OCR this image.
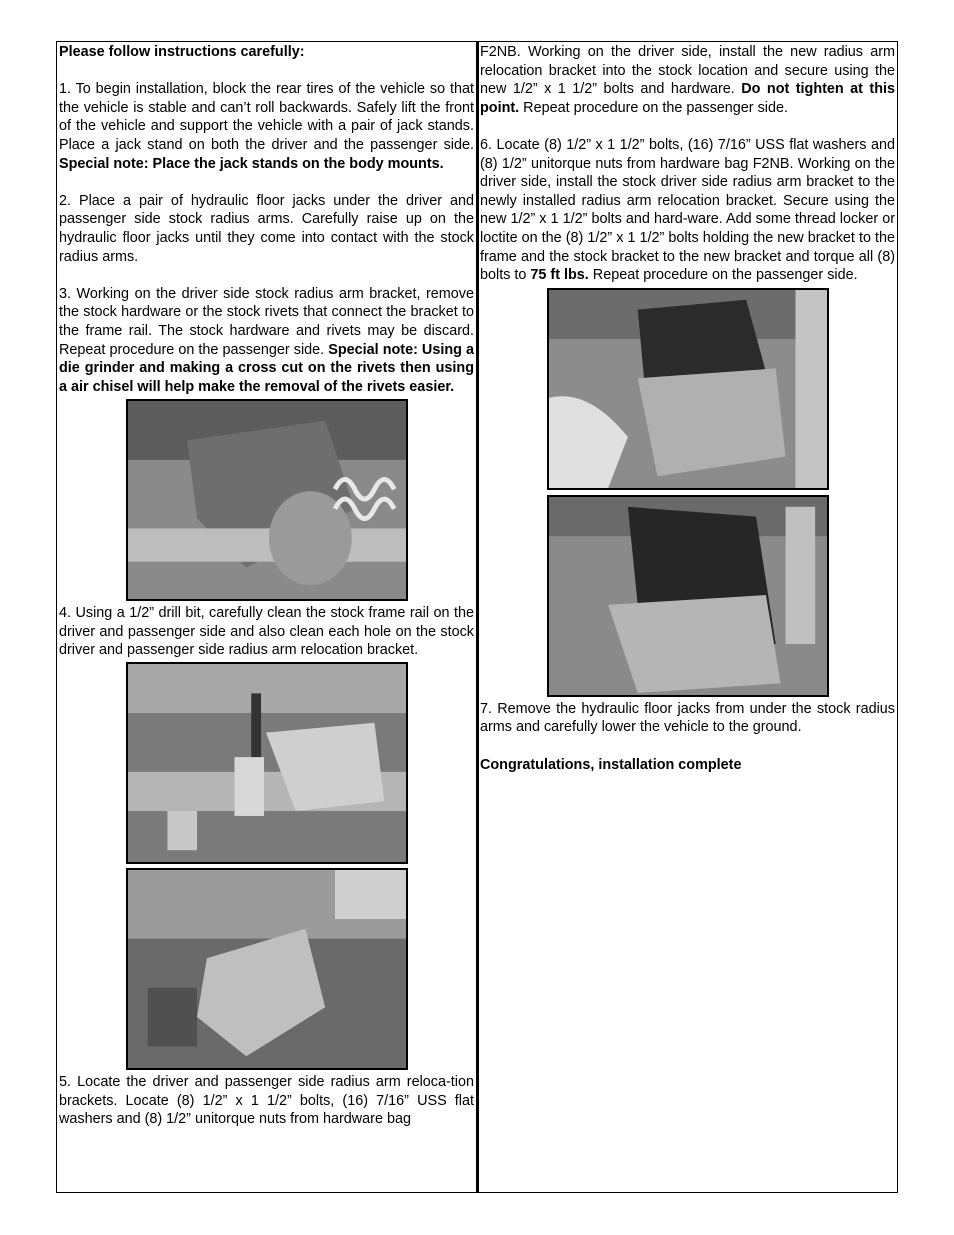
Please follow instructions carefully:

1. To begin installation, block the rear tires of the vehicle so that the vehicle is stable and can’t roll backwards. Safely lift the front of the vehicle and support the vehicle with a pair of jack stands. Place a jack stand on both the driver and the passenger side. Special note: Place the jack stands on the body mounts.

2. Place a pair of hydraulic floor jacks under the driver and passenger side stock radius arms. Carefully raise up on the hydraulic floor jacks until they come into contact with the stock radius arms.

3. Working on the driver side stock radius arm bracket, remove the stock hardware or the stock rivets that connect the bracket to the frame rail. The stock hardware and rivets may be discard. Repeat procedure on the passenger side. Special note: Using a die grinder and making a cross cut on the rivets then using a air chisel will help make the removal of the rivets easier.

4. Using a 1/2” drill bit, carefully clean the stock frame rail on the driver and passenger side and also clean each hole on the stock driver and passenger side radius arm relocation bracket.

5. Locate the driver and passenger side radius arm reloca-tion brackets. Locate (8) 1/2” x 1 1/2” bolts, (16) 7/16” USS flat washers and (8) 1/2” unitorque nuts from hardware bag

F2NB. Working on the driver side, install the new radius arm relocation bracket into the stock location and secure using the new 1/2” x 1 1/2” bolts and hardware. Do not tighten at this point. Repeat procedure on the passenger side.

6. Locate (8) 1/2” x 1 1/2” bolts, (16) 7/16” USS flat washers and (8) 1/2” unitorque nuts from hardware bag F2NB. Working on the driver side, install the stock driver side radius arm bracket to the newly installed radius arm relocation bracket. Secure using the new 1/2” x 1 1/2” bolts and hard-ware. Add some thread locker or loctite on the (8) 1/2” x 1 1/2” bolts holding the new bracket to the frame and the stock bracket to the new bracket and torque all (8) bolts to 75 ft lbs. Repeat procedure on the passenger side.

7. Remove the hydraulic floor jacks from under the stock radius arms and carefully lower the vehicle to the ground.

Congratulations, installation complete
